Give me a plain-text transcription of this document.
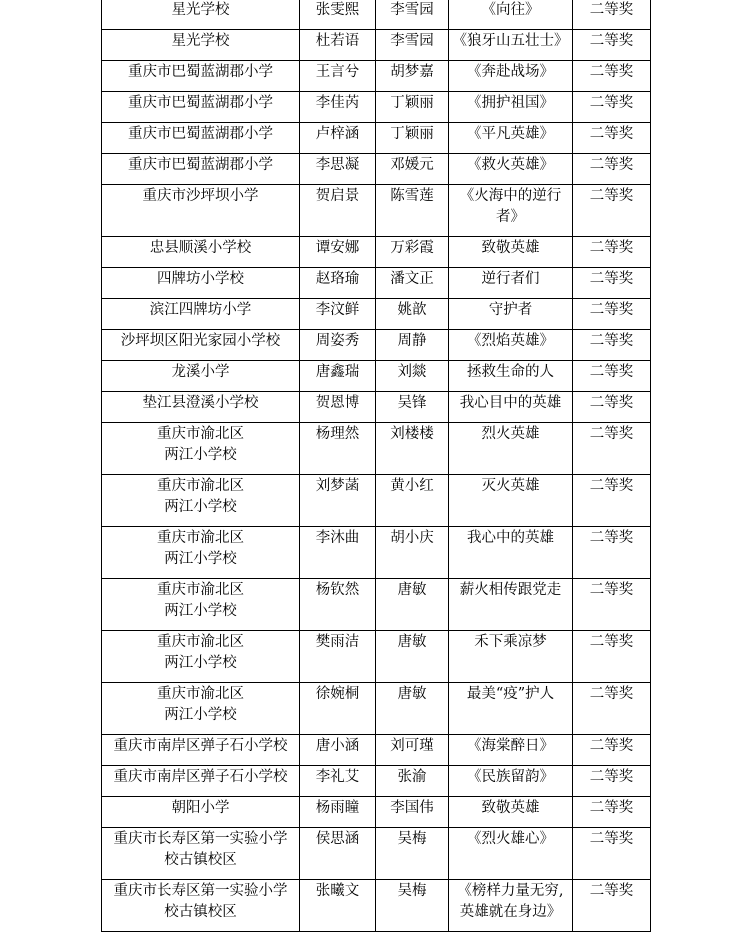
星光学校	张雯熙	李雪园	《向往》	二等奖
星光学校	杜若语	李雪园	《狼牙山五壮士》	二等奖
重庆市巴蜀蓝湖郡小学	王言兮	胡梦嘉	《奔赴战场》	二等奖
重庆市巴蜀蓝湖郡小学	李佳芮	丁颖丽	《拥护祖国》	二等奖
重庆市巴蜀蓝湖郡小学	卢梓涵	丁颖丽	《平凡英雄》	二等奖
重庆市巴蜀蓝湖郡小学	李思凝	邓媛元	《救火英雄》	二等奖
重庆市沙坪坝小学	贺启景	陈雪莲	《火海中的逆行
者》	二等奖
忠县顺溪小学校	谭安娜	万彩霞	致敬英雄	二等奖
四牌坊小学校	赵珞瑜	潘文正	逆行者们	二等奖
滨江四牌坊小学	李汶鲜	姚歆	守护者	二等奖
沙坪坝区阳光家园小学校	周姿秀	周静	《烈焰英雄》	二等奖
龙溪小学	唐鑫瑞	刘燚	拯救生命的人	二等奖
垫江县澄溪小学校	贺恩博	吴锋	我心目中的英雄	二等奖
重庆市渝北区
两江小学校	杨理然	刘楼楼	烈火英雄	二等奖
重庆市渝北区
两江小学校	刘梦菡	黄小红	灭火英雄	二等奖
重庆市渝北区
两江小学校	李沐曲	胡小庆	我心中的英雄	二等奖
重庆市渝北区
两江小学校	杨钦然	唐敏	薪火相传跟党走	二等奖
重庆市渝北区
两江小学校	樊雨洁	唐敏	禾下乘凉梦	二等奖
重庆市渝北区
两江小学校	徐婉桐	唐敏	最美“疫”护人	二等奖
重庆市南岸区弹子石小学校	唐小涵	刘可瑾	《海棠醉日》	二等奖
重庆市南岸区弹子石小学校	李礼艾	张渝	《民族留韵》	二等奖
朝阳小学	杨雨瞳	李国伟	致敬英雄	二等奖
重庆市长寿区第一实验小学
校古镇校区	侯思涵	吴梅	《烈火雄心》	二等奖
重庆市长寿区第一实验小学
校古镇校区	张曦文	吴梅	《榜样力量无穷,
英雄就在身边》	二等奖
